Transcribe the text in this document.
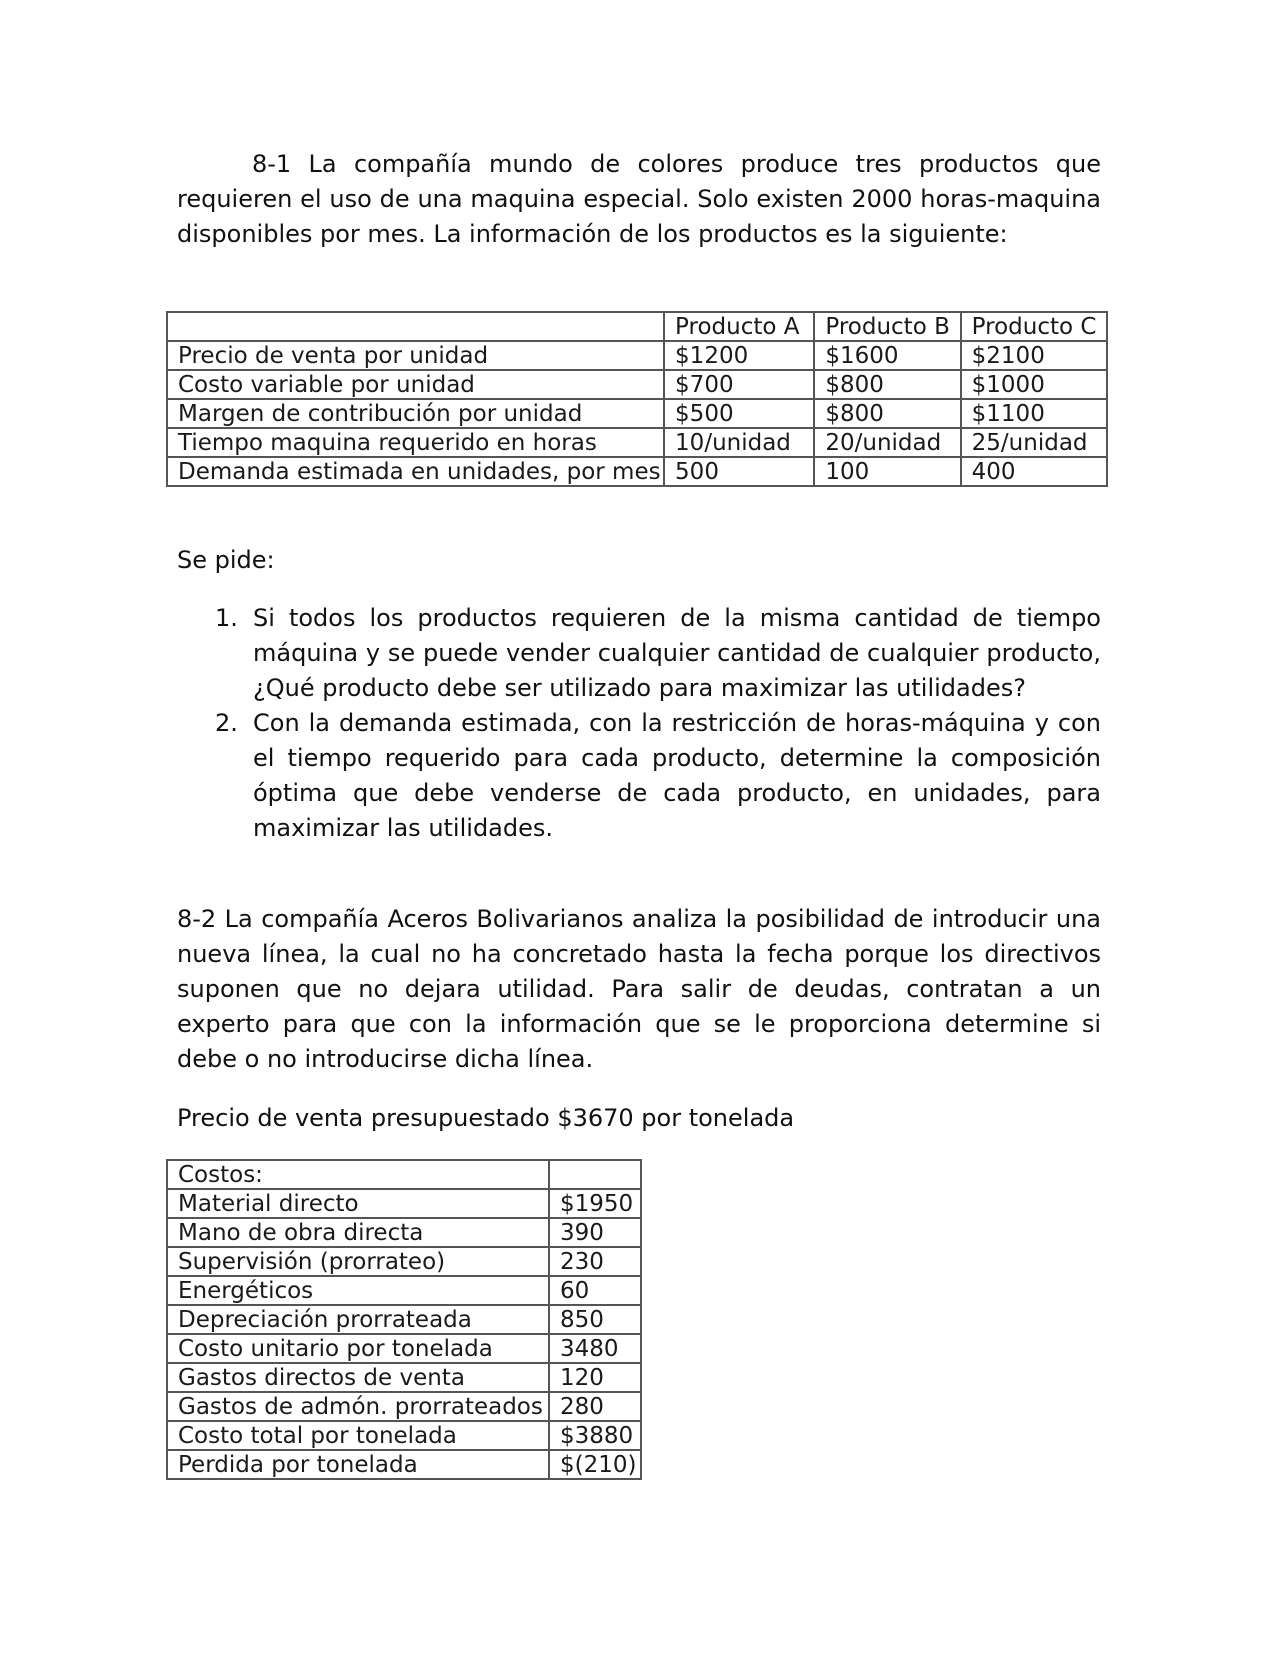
8-1 La compañía mundo de colores produce tres productos que requieren el uso de una maquina especial. Solo existen 2000 horas-maquina disponibles por mes. La información de los productos es la siguiente:

	Producto A	Producto B	Producto C
Precio de venta por unidad	$1200	$1600	$2100
Costo variable por unidad	$700	$800	$1000
Margen de contribución por unidad	$500	$800	$1100
Tiempo maquina requerido en horas	10/unidad	20/unidad	25/unidad
Demanda estimada en unidades, por mes	500	100	400

Se pide:

1. Si todos los productos requieren de la misma cantidad de tiempo máquina y se puede vender cualquier cantidad de cualquier producto, ¿Qué producto debe ser utilizado para maximizar las utilidades?
2. Con la demanda estimada, con la restricción de horas-máquina y con el tiempo requerido para cada producto, determine la composición óptima que debe venderse de cada producto, en unidades, para maximizar las utilidades.

8-2 La compañía Aceros Bolivarianos analiza la posibilidad de introducir una nueva línea, la cual no ha concretado hasta la fecha porque los directivos suponen que no dejara utilidad. Para salir de deudas, contratan a un experto para que con la información que se le proporciona determine si debe o no introducirse dicha línea.

Precio de venta presupuestado $3670 por tonelada

Costos:	
Material directo	$1950
Mano de obra directa	390
Supervisión (prorrateo)	230
Energéticos	60
Depreciación prorrateada	850
Costo unitario por tonelada	3480
Gastos directos de venta	120
Gastos de admón. prorrateados	280
Costo total por tonelada	$3880
Perdida por tonelada	$(210)
